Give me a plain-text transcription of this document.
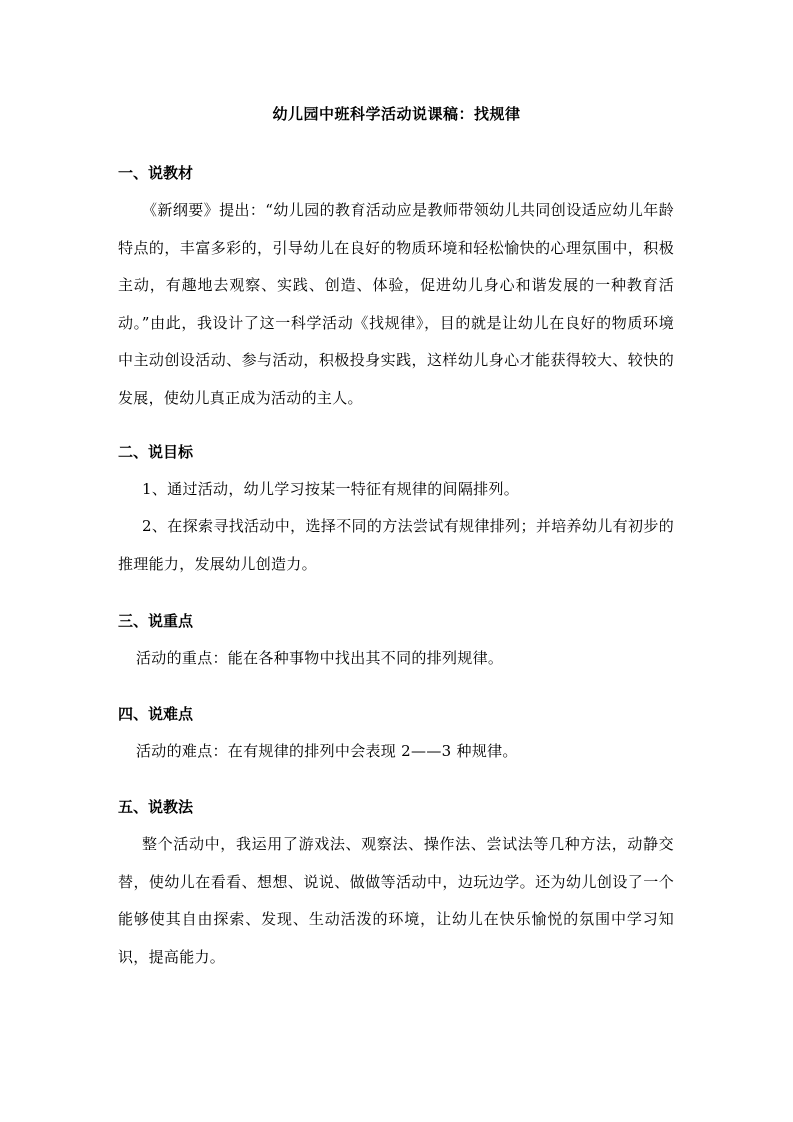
幼儿园中班科学活动说课稿：找规律
一、说教材
《新纲要》提出：“幼儿园的教育活动应是教师带领幼儿共同创设适应幼儿年龄特点的，丰富多彩的，引导幼儿在良好的物质环境和轻松愉快的心理氛围中，积极主动，有趣地去观察、实践、创造、体验，促进幼儿身心和谐发展的一种教育活动。”由此，我设计了这一科学活动《找规律》，目的就是让幼儿在良好的物质环境中主动创设活动、参与活动，积极投身实践，这样幼儿身心才能获得较大、较快的发展，使幼儿真正成为活动的主人。
二、说目标
1、通过活动，幼儿学习按某一特征有规律的间隔排列。
2、在探索寻找活动中，选择不同的方法尝试有规律排列；并培养幼儿有初步的推理能力，发展幼儿创造力。
三、说重点
活动的重点：能在各种事物中找出其不同的排列规律。
四、说难点
活动的难点：在有规律的排列中会表现 2——3 种规律。
五、说教法
整个活动中，我运用了游戏法、观察法、操作法、尝试法等几种方法，动静交替，使幼儿在看看、想想、说说、做做等活动中，边玩边学。还为幼儿创设了一个能够使其自由探索、发现、生动活泼的环境，让幼儿在快乐愉悦的氛围中学习知识，提高能力。
